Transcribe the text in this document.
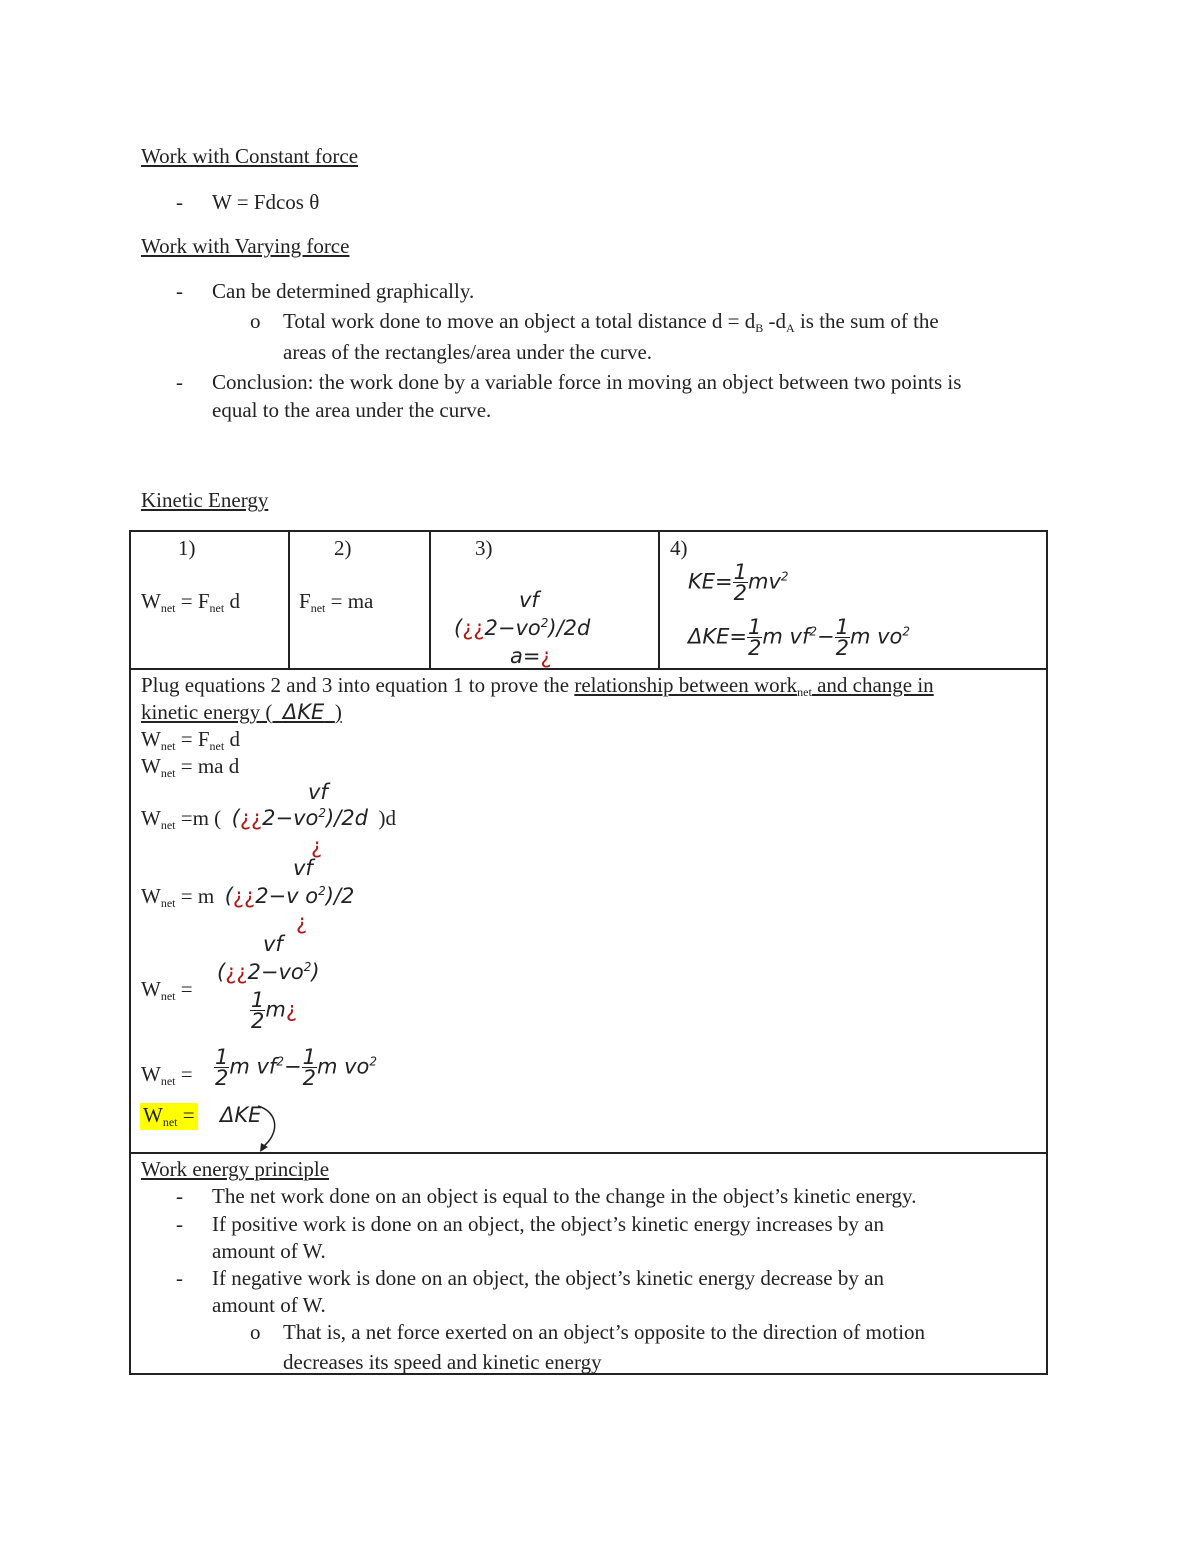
Work with Constant force
- W = Fdcos θ
Work with Varying force
- Can be determined graphically.
o Total work done to move an object a total distance $d = d_B$ $-d_A$ is the sum of the
areas of the rectangles/area under the curve.
- Conclusion: the work done by a variable force in moving an object between two points is
equal to the area under the curve.
Kinetic Energy
1)
$W_{net} = F_{net}$ d
2)
$F_{net}$ = ma
3)
vf
$(¿¿2-vo^2)/2d$
a=¿
4)
$KE= \frac{1}{2} mv^2$
$\Delta KE= \frac{1}{2}$ m $vf^2- \frac{1}{2}$ m $vo^2$
Plug equations 2 and 3 into equation 1 to prove the relationship between work$_{net}$ and change in
kinetic energy ( ΔKE )
$W_{net} = F_{net}$ d
$W_{net}$ = ma d
vf
$W_{net} =m$ ( $(¿¿2-vo^2)/2d$ )d
¿
vf
$W_{net} = m$ (¿¿2−v $o^2)/2$
¿
vf
$(¿¿2-vo^2)$
$W_{net}$ =
$\frac{1}{2}$ m¿
$W_{net} = \frac{1}{2}$ m $vf^2- \frac{1}{2}$ m $vo^2$
$W_{net} = \Delta KE$
Work energy principle
- The net work done on an object is equal to the change in the object’s kinetic energy.
- If positive work is done on an object, the object’s kinetic energy increases by an
amount of W.
- If negative work is done on an object, the object’s kinetic energy decrease by an
amount of W.
o That is, a net force exerted on an object’s opposite to the direction of motion
decreases its speed and kinetic energy
